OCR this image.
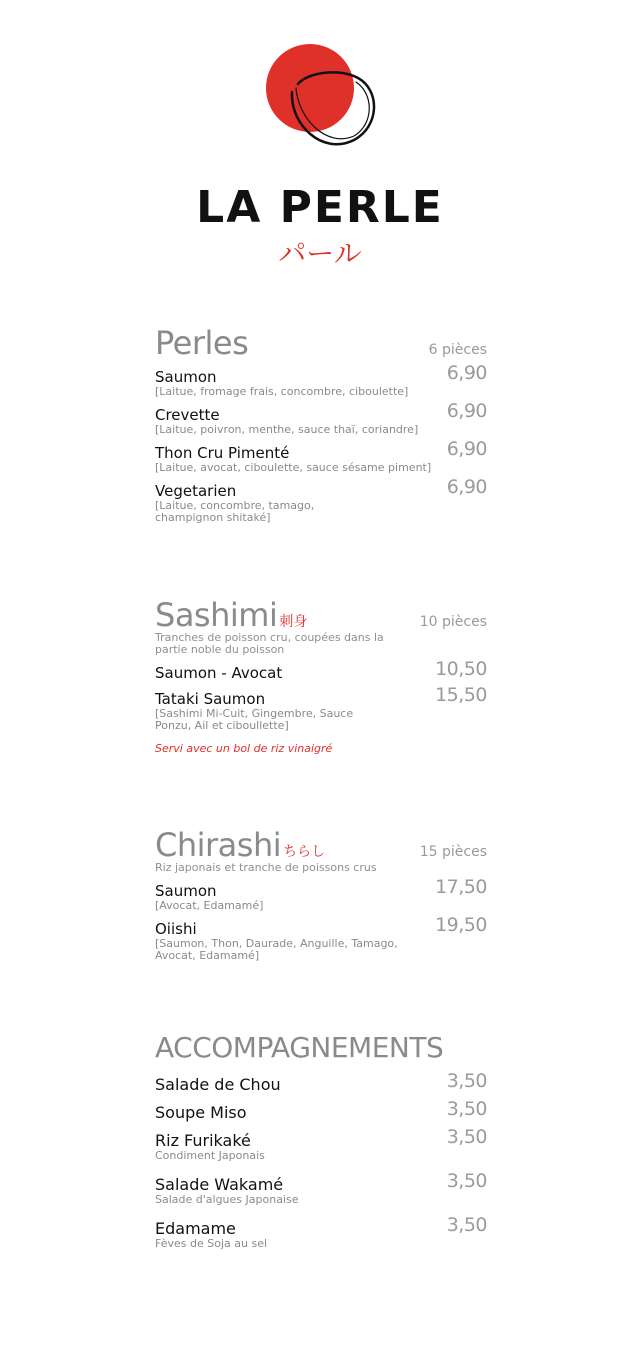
LA PERLE
パール
Perles	6 pièces
Saumon
[Laitue, fromage frais, concombre, ciboulette]
6,90
Crevette
[Laitue, poivron, menthe, sauce thaï, coriandre]
6,90
Thon Cru Pimenté
[Laitue, avocat, ciboulette, sauce sésame piment]
6,90
Vegetarien
[Laitue, concombre, tamago, champignon shitaké]
6,90
Sashimi 刺身	10 pièces
Tranches de poisson cru, coupées dans la partie noble du poisson
Saumon - Avocat	10,50
Tataki Saumon
[Sashimi Mi-Cuit, Gingembre, Sauce Ponzu, Ail et ciboullette]
15,50
Servi avec un bol de riz vinaigré
Chirashi ちらし	15 pièces
Riz japonais et tranche de poissons crus
Saumon
[Avocat, Edamamé]
17,50
Oiishi
[Saumon, Thon, Daurade, Anguille, Tamago, Avocat, Edamamé]
19,50
ACCOMPAGNEMENTS
Salade de Chou	3,50
Soupe Miso	3,50
Riz Furikaké
Condiment Japonais
3,50
Salade Wakamé
Salade d'algues Japonaise
3,50
Edamame
Fèves de Soja au sel
3,50
